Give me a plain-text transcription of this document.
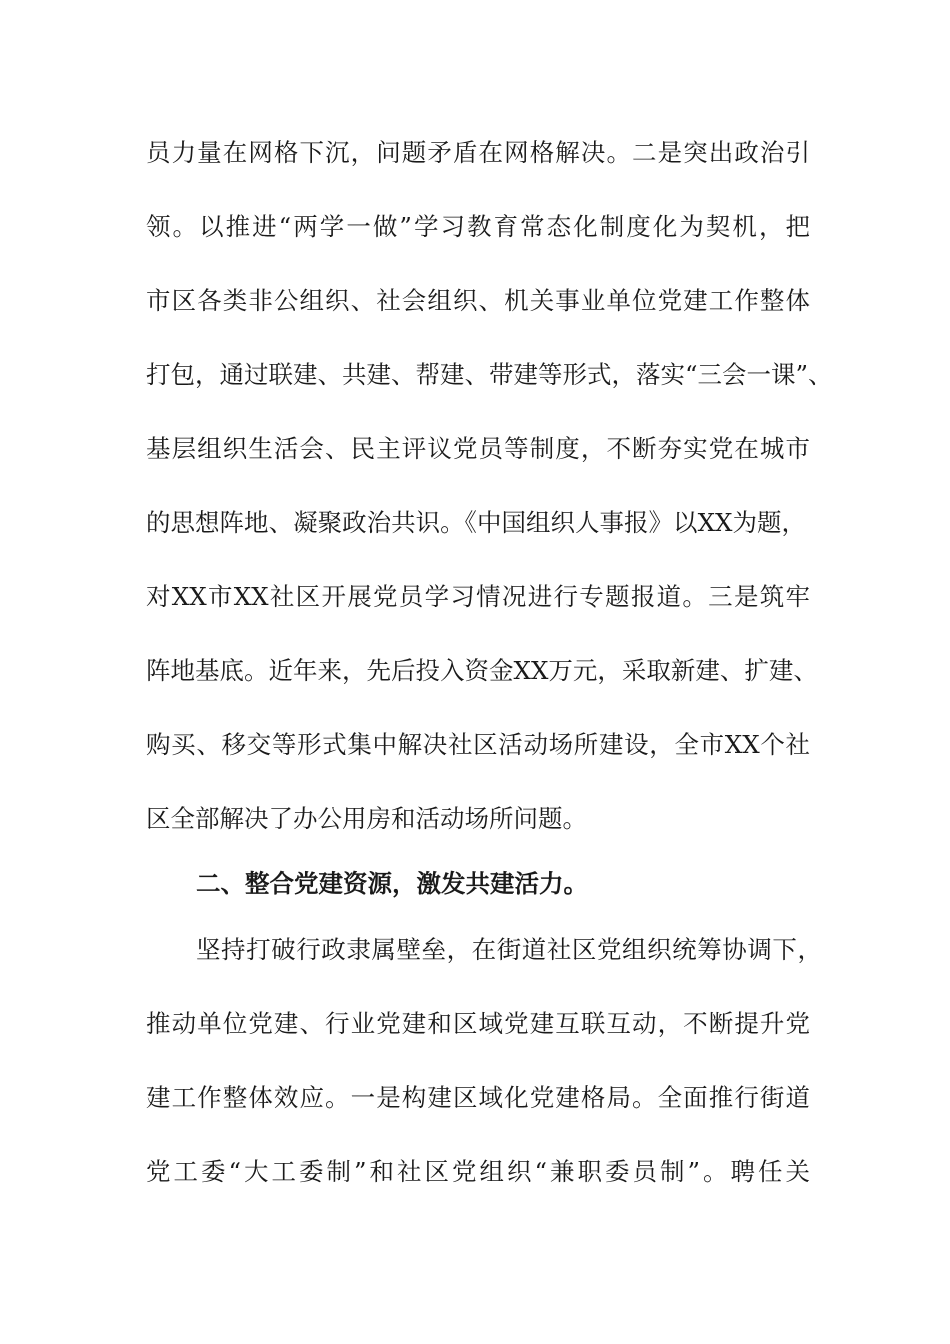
员力量在网格下沉，问题矛盾在网格解决。二是突出政治引
领。以推进“两学一做”学习教育常态化制度化为契机，把
市区各类非公组织、社会组织、机关事业单位党建工作整体
打包，通过联建、共建、帮建、带建等形式，落实“三会一课”、
基层组织生活会、民主评议党员等制度，不断夯实党在城市
的思想阵地、凝聚政治共识。《中国组织人事报》以XX为题，
对XX市XX社区开展党员学习情况进行专题报道。三是筑牢
阵地基底。近年来，先后投入资金XX万元，采取新建、扩建、
购买、移交等形式集中解决社区活动场所建设，全市XX个社
区全部解决了办公用房和活动场所问题。
二、整合党建资源，激发共建活力。
坚持打破行政隶属壁垒，在街道社区党组织统筹协调下，
推动单位党建、行业党建和区域党建互联互动，不断提升党
建工作整体效应。一是构建区域化党建格局。全面推行街道
党工委“大工委制”和社区党组织“兼职委员制”。聘任关
